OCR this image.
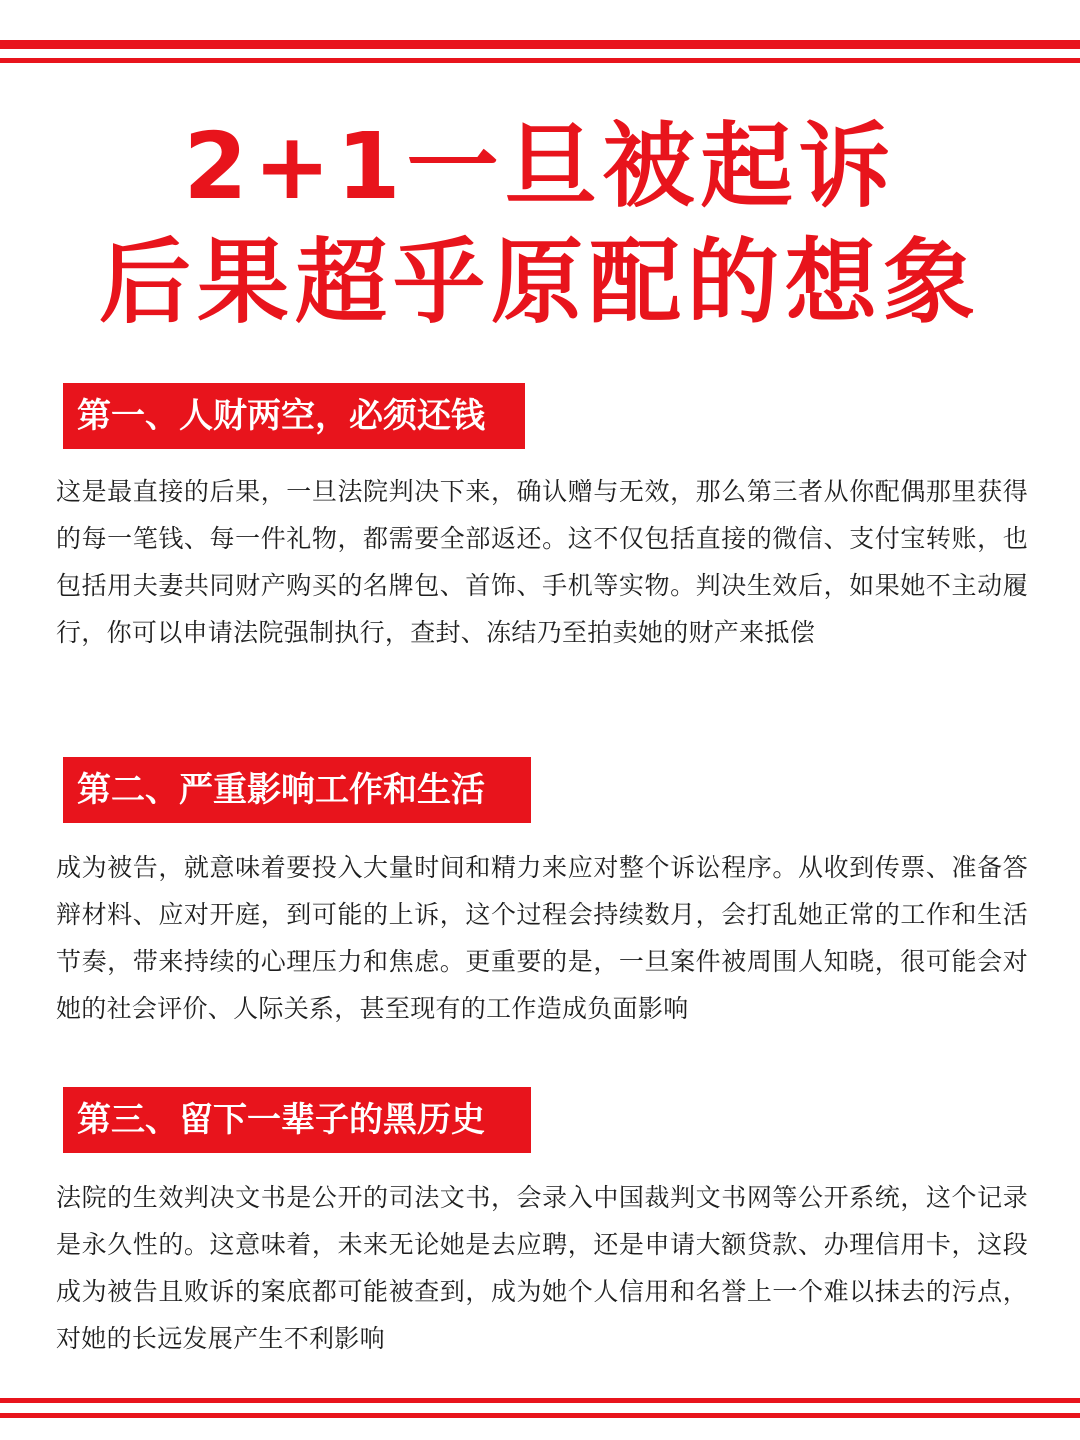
2+1一旦被起诉
后果超乎原配的想象
第一、人财两空，必须还钱

这是最直接的后果，一旦法院判决下来，确认赠与无效，那么第三者从你配偶那里获得的每一笔钱、每一件礼物，都需要全部返还。这不仅包括直接的微信、支付宝转账，也包括用夫妻共同财产购买的名牌包、首饰、手机等实物。判决生效后，如果她不主动履行，你可以申请法院强制执行，查封、冻结乃至拍卖她的财产来抵偿

第二、严重影响工作和生活

成为被告，就意味着要投入大量时间和精力来应对整个诉讼程序。从收到传票、准备答辩材料、应对开庭，到可能的上诉，这个过程会持续数月，会打乱她正常的工作和生活节奏，带来持续的心理压力和焦虑。更重要的是，一旦案件被周围人知晓，很可能会对她的社会评价、人际关系，甚至现有的工作造成负面影响

第三、留下一辈子的黑历史

法院的生效判决文书是公开的司法文书，会录入中国裁判文书网等公开系统，这个记录是永久性的。这意味着，未来无论她是去应聘，还是申请大额贷款、办理信用卡，这段成为被告且败诉的案底都可能被查到，成为她个人信用和名誉上一个难以抹去的污点，对她的长远发展产生不利影响
